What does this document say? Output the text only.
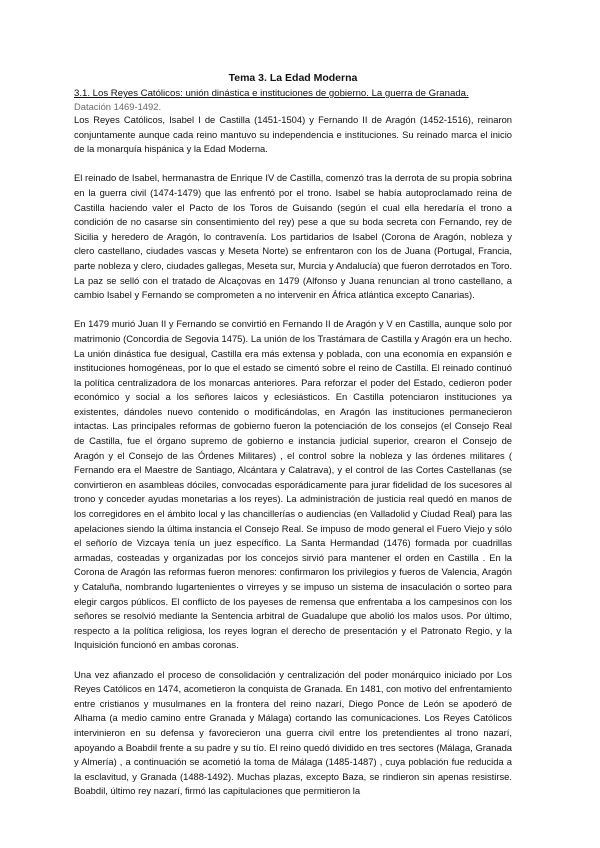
Tema 3. La Edad Moderna
3.1. Los Reyes Católicos: unión dinástica e instituciones de gobierno. La guerra de Granada.
Datación 1469-1492.

Los Reyes Católicos, Isabel I de Castilla (1451-1504) y Fernando II de Aragón (1452-1516), reinaron conjuntamente aunque cada reino mantuvo su independencia e instituciones. Su reinado marca el inicio de la monarquía hispánica y la Edad Moderna.

El reinado de Isabel, hermanastra de Enrique IV de Castilla, comenzó tras la derrota de su propia sobrina en la guerra civil (1474-1479) que las enfrentó por el trono. Isabel se había autoproclamado reina de Castilla haciendo valer el Pacto de los Toros de Guisando (según el cual ella heredaría el trono a condición de no casarse sin consentimiento del rey) pese a que su boda secreta con Fernando, rey de Sicilia y heredero de Aragón, lo contravenía. Los partidarios de Isabel (Corona de Aragón, nobleza y clero castellano, ciudades vascas y Meseta Norte) se enfrentaron con los de Juana (Portugal, Francia, parte nobleza y clero, ciudades gallegas, Meseta sur, Murcia y Andalucía) que fueron derrotados en Toro. La paz se selló con el tratado de Alcaçovas en 1479 (Alfonso y Juana renuncian al trono castellano, a cambio Isabel y Fernando se comprometen a no intervenir en África atlántica excepto Canarias).

En 1479 murió Juan II y Fernando se convirtió en Fernando II de Aragón y V en Castilla, aunque solo por matrimonio (Concordia de Segovia 1475). La unión de los Trastámara de Castilla y Aragón era un hecho. La unión dinástica fue desigual, Castilla era más extensa y poblada, con una economía en expansión e instituciones homogéneas, por lo que el estado se cimentó sobre el reino de Castilla. El reinado continuó la política centralizadora de los monarcas anteriores. Para reforzar el poder del Estado, cedieron poder económico y social a los señores laicos y eclesiásticos. En Castilla potenciaron instituciones ya existentes, dándoles nuevo contenido o modificándolas, en Aragón las instituciones permanecieron intactas. Las principales reformas de gobierno fueron la potenciación de los consejos (el Consejo Real de Castilla, fue el órgano supremo de gobierno e instancia judicial superior, crearon el Consejo de Aragón y el Consejo de las Órdenes Militares) , el control sobre la nobleza y las órdenes militares ( Fernando era el Maestre de Santiago, Alcántara y Calatrava), y el control de las Cortes Castellanas (se convirtieron en asambleas dóciles, convocadas esporádicamente para jurar fidelidad de los sucesores al trono y conceder ayudas monetarias a los reyes). La administración de justicia real quedó en manos de los corregidores en el ámbito local y las chancillerías o audiencias (en Valladolid y Ciudad Real) para las apelaciones siendo la última instancia el Consejo Real. Se impuso de modo general el Fuero Viejo y sólo el señorío de Vizcaya tenía un juez específico. La Santa Hermandad (1476) formada por cuadrillas armadas, costeadas y organizadas por los concejos sirvió para mantener el orden en Castilla . En la Corona de Aragón las reformas fueron menores: confirmaron los privilegios y fueros de Valencia, Aragón y Cataluña, nombrando lugartenientes o virreyes y se impuso un sistema de insaculación o sorteo para elegir cargos públicos. El conflicto de los payeses de remensa que enfrentaba a los campesinos con los señores se resolvió mediante la Sentencia arbitral de Guadalupe que abolió los malos usos. Por último, respecto a la política religiosa, los reyes logran el derecho de presentación y el Patronato Regio, y la Inquisición funcionó en ambas coronas.

Una vez afianzado el proceso de consolidación y centralización del poder monárquico iniciado por Los Reyes Católicos en 1474, acometieron la conquista de Granada. En 1481, con motivo del enfrentamiento entre cristianos y musulmanes en la frontera del reino nazarí, Diego Ponce de León se apoderó de Alhama (a medio camino entre Granada y Málaga) cortando las comunicaciones. Los Reyes Católicos intervinieron en su defensa y favorecieron una guerra civil entre los pretendientes al trono nazarí, apoyando a Boabdil frente a su padre y su tío. El reino quedó dividido en tres sectores (Málaga, Granada y Almería) , a continuación se acometió la toma de Málaga (1485-1487) , cuya población fue reducida a la esclavitud, y Granada (1488-1492). Muchas plazas, excepto Baza, se rindieron sin apenas resistirse. Boabdil, último rey nazarí, firmó las capitulaciones que permitieron la
